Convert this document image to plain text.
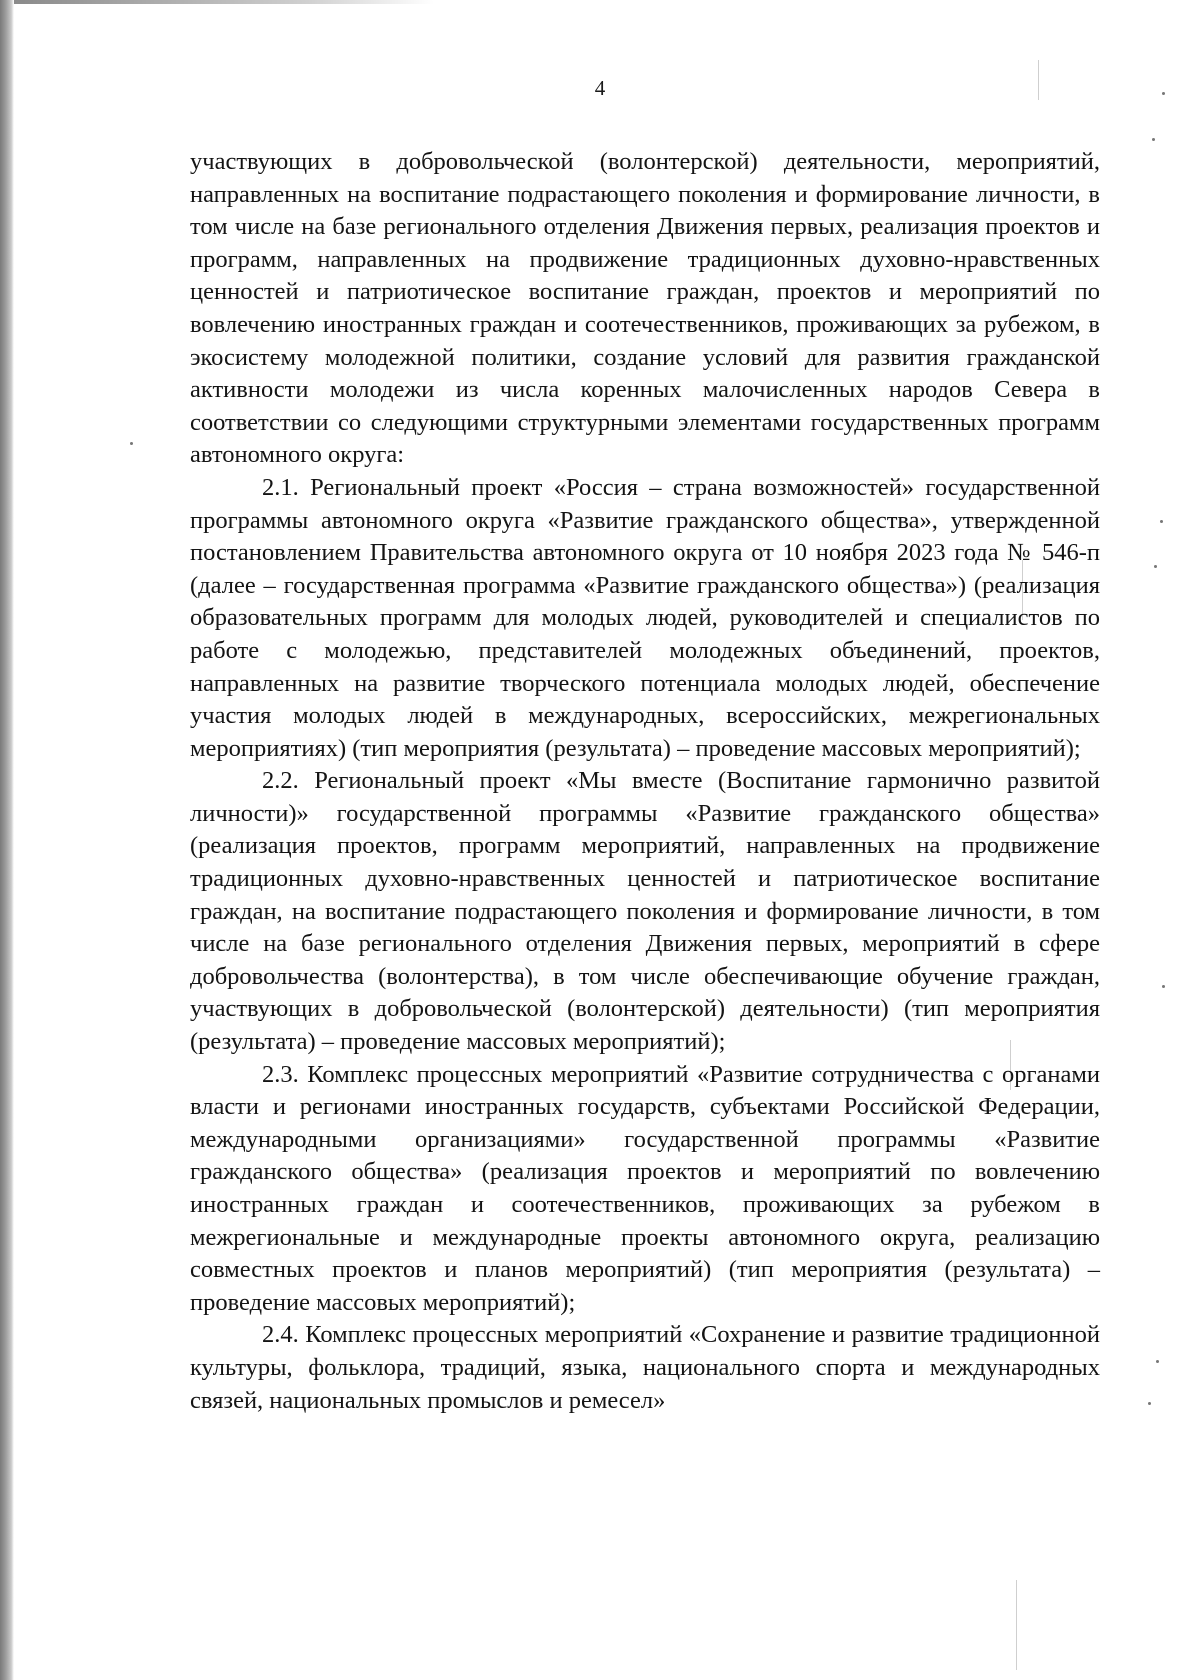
4

участвующих в добровольческой (волонтерской) деятельности, мероприятий, направленных на воспитание подрастающего поколения и формирование личности, в том числе на базе регионального отделения Движения первых, реализация проектов и программ, направленных на продвижение традиционных духовно-нравственных ценностей и патриотическое воспитание граждан, проектов и мероприятий по вовлечению иностранных граждан и соотечественников, проживающих за рубежом, в экосистему молодежной политики, создание условий для развития гражданской активности молодежи из числа коренных малочисленных народов Севера в соответствии со следующими структурными элементами государственных программ автономного округа:

2.1. Региональный проект «Россия – страна возможностей» государственной программы автономного округа «Развитие гражданского общества», утвержденной постановлением Правительства автономного округа от 10 ноября 2023 года № 546-п (далее – государственная программа «Развитие гражданского общества») (реализация образовательных программ для молодых людей, руководителей и специалистов по работе с молодежью, представителей молодежных объединений, проектов, направленных на развитие творческого потенциала молодых людей, обеспечение участия молодых людей в международных, всероссийских, межрегиональных мероприятиях) (тип мероприятия (результата) – проведение массовых мероприятий);

2.2. Региональный проект «Мы вместе (Воспитание гармонично развитой личности)» государственной программы «Развитие гражданского общества» (реализация проектов, программ мероприятий, направленных на продвижение традиционных духовно-нравственных ценностей и патриотическое воспитание граждан, на воспитание подрастающего поколения и формирование личности, в том числе на базе регионального отделения Движения первых, мероприятий в сфере добровольчества (волонтерства), в том числе обеспечивающие обучение граждан, участвующих в добровольческой (волонтерской) деятельности) (тип мероприятия (результата) – проведение массовых мероприятий);

2.3. Комплекс процессных мероприятий «Развитие сотрудничества с органами власти и регионами иностранных государств, субъектами Российской Федерации, международными организациями» государственной программы «Развитие гражданского общества» (реализация проектов и мероприятий по вовлечению иностранных граждан и соотечественников, проживающих за рубежом в межрегиональные и международные проекты автономного округа, реализацию совместных проектов и планов мероприятий) (тип мероприятия (результата) – проведение массовых мероприятий);

2.4. Комплекс процессных мероприятий «Сохранение и развитие традиционной культуры, фольклора, традиций, языка, национального спорта и международных связей, национальных промыслов и ремесел»
